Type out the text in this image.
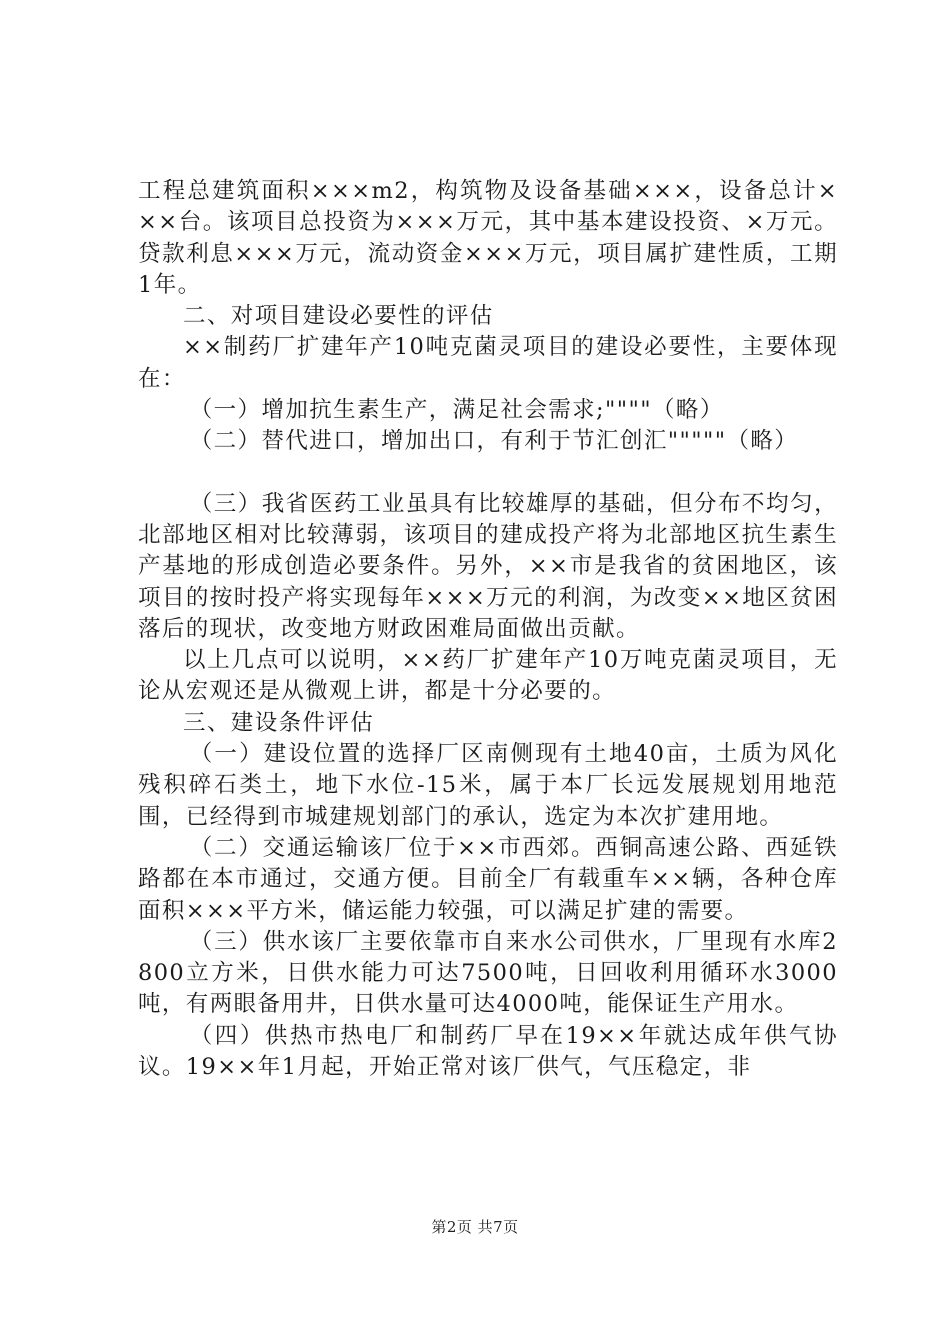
工程总建筑面积×××m2，构筑物及设备基础×××，设备总计×××台。该项目总投资为×××万元，其中基本建设投资、×万元。贷款利息×××万元，流动资金×××万元，项目属扩建性质，工期1年。

二、对项目建设必要性的评估

××制药厂扩建年产10吨克菌灵项目的建设必要性，主要体现在：

（一）增加抗生素生产，满足社会需求;""""（略）

（二）替代进口，增加出口，有利于节汇创汇"""""（略）

（三）我省医药工业虽具有比较雄厚的基础，但分布不均匀，北部地区相对比较薄弱，该项目的建成投产将为北部地区抗生素生产基地的形成创造必要条件。另外，××市是我省的贫困地区，该项目的按时投产将实现每年×××万元的利润，为改变××地区贫困落后的现状，改变地方财政困难局面做出贡献。

以上几点可以说明，××药厂扩建年产10万吨克菌灵项目，无论从宏观还是从微观上讲，都是十分必要的。

三、建设条件评估

（一）建设位置的选择厂区南侧现有土地40亩，土质为风化残积碎石类土，地下水位-15米，属于本厂长远发展规划用地范围，已经得到市城建规划部门的承认，选定为本次扩建用地。

（二）交通运输该厂位于××市西郊。西铜高速公路、西延铁路都在本市通过，交通方便。目前全厂有载重车××辆，各种仓库面积×××平方米，储运能力较强，可以满足扩建的需要。

（三）供水该厂主要依靠市自来水公司供水，厂里现有水库2800立方米，日供水能力可达7500吨，日回收利用循环水3000吨，有两眼备用井，日供水量可达4000吨，能保证生产用水。

（四）供热市热电厂和制药厂早在19××年就达成年供气协议。19××年1月起，开始正常对该厂供气，气压稳定，非

第2页 共7页
